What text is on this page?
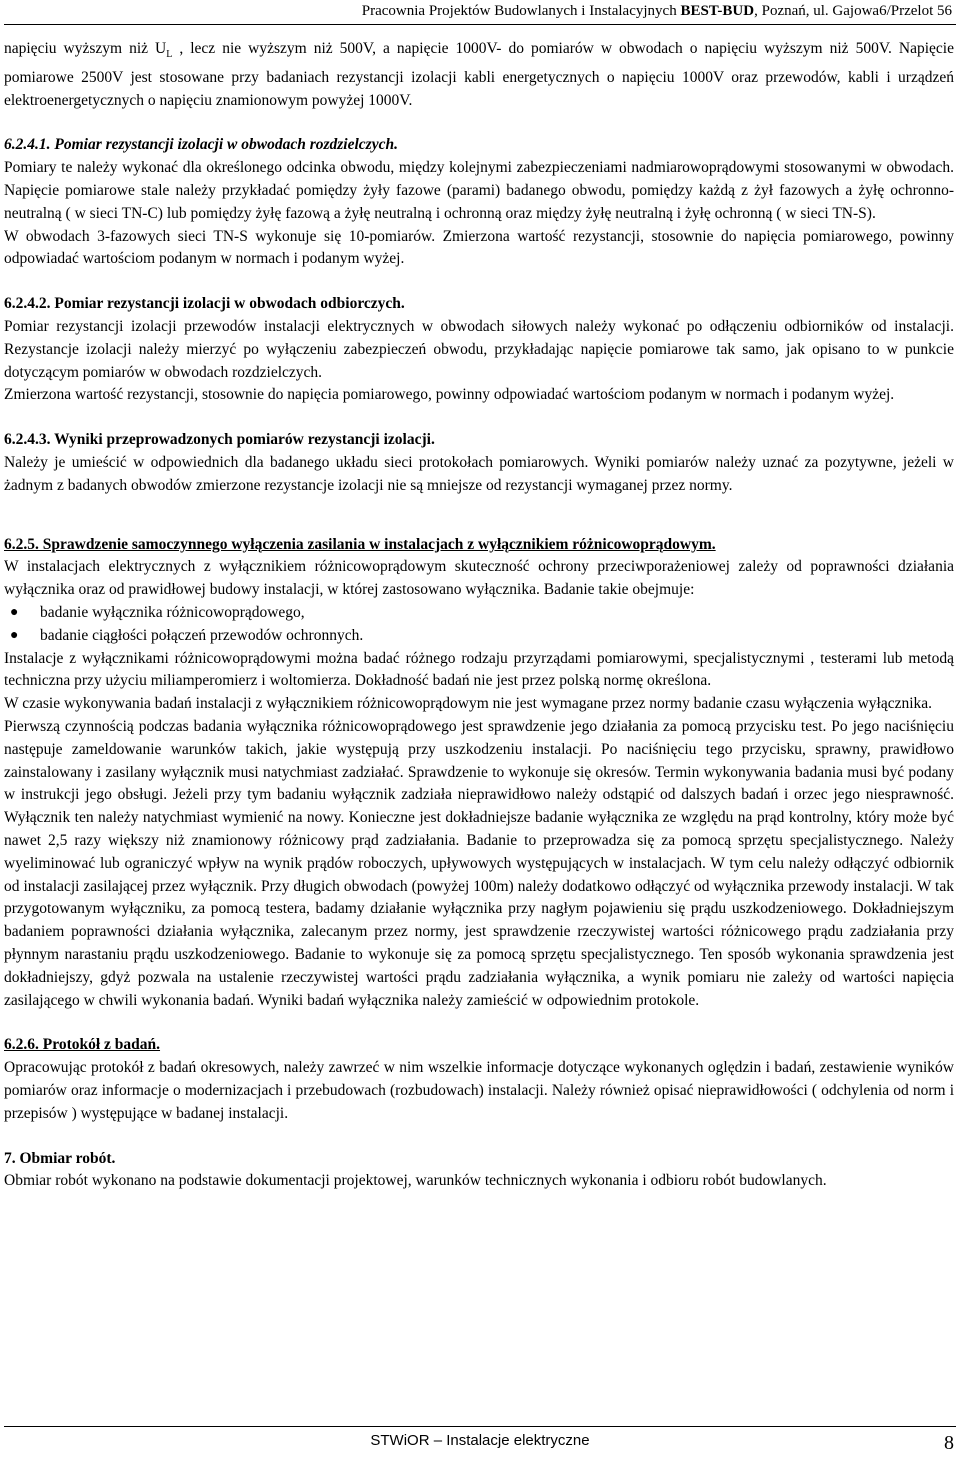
Pracownia Projektów Budowlanych i Instalacyjnych BEST-BUD, Poznań, ul. Gajowa6/Przelot 56

napięciu wyższym niż $U_L$ , lecz nie wyższym niż 500V, a napięcie 1000V- do pomiarów w obwodach o napięciu wyższym niż 500V. Napięcie pomiarowe 2500V jest stosowane przy badaniach rezystancji izolacji kabli energetycznych o napięciu 1000V oraz przewodów, kabli i urządzeń elektroenergetycznych o napięciu znamionowym powyżej 1000V.

6.2.4.1. Pomiar rezystancji izolacji w obwodach rozdzielczych.

Pomiary te należy wykonać dla określonego odcinka obwodu, między kolejnymi zabezpieczeniami nadmiarowoprądowymi stosowanymi w obwodach. Napięcie pomiarowe stale należy przykładać pomiędzy żyły fazowe (parami) badanego obwodu, pomiędzy każdą z żył fazowych a żyłę ochronno-neutralną ( w sieci TN-C) lub pomiędzy żyłę fazową a żyłę neutralną i ochronną oraz między żyłę neutralną i żyłę ochronną ( w sieci TN-S).

W obwodach 3-fazowych sieci TN-S wykonuje się 10-pomiarów. Zmierzona wartość rezystancji, stosownie do napięcia pomiarowego, powinny odpowiadać wartościom podanym w normach i podanym wyżej.

6.2.4.2. Pomiar rezystancji izolacji w obwodach odbiorczych.

Pomiar rezystancji izolacji przewodów instalacji elektrycznych w obwodach siłowych należy wykonać po odłączeniu odbiorników od instalacji. Rezystancje izolacji należy mierzyć po wyłączeniu zabezpieczeń obwodu, przykładając napięcie pomiarowe tak samo, jak opisano to w punkcie dotyczącym pomiarów w obwodach rozdzielczych.

Zmierzona wartość rezystancji, stosownie do napięcia pomiarowego, powinny odpowiadać wartościom podanym w normach i podanym wyżej.

6.2.4.3. Wyniki przeprowadzonych pomiarów rezystancji izolacji.

Należy je umieścić w odpowiednich dla badanego układu sieci protokołach pomiarowych. Wyniki pomiarów należy uznać za pozytywne, jeżeli w żadnym z badanych obwodów zmierzone rezystancje izolacji nie są mniejsze od rezystancji wymaganej przez normy.

6.2.5. Sprawdzenie samoczynnego wyłączenia zasilania w instalacjach z wyłącznikiem różnicowoprądowym.

W instalacjach elektrycznych z wyłącznikiem różnicowoprądowym skuteczność ochrony przeciwporażeniowej zależy od poprawności działania wyłącznika oraz od prawidłowej budowy instalacji, w której zastosowano wyłącznika. Badanie takie obejmuje:

● badanie wyłącznika różnicowoprądowego,
● badanie ciągłości połączeń przewodów ochronnych.

Instalacje z wyłącznikami różnicowoprądowymi można badać różnego rodzaju przyrządami pomiarowymi, specjalistycznymi , testerami lub metodą techniczna przy użyciu miliamperomierz i woltomierza. Dokładność badań nie jest przez polską normę określona.

W czasie wykonywania badań instalacji z wyłącznikiem różnicowoprądowym nie jest wymagane przez normy badanie czasu wyłączenia wyłącznika.

Pierwszą czynnością podczas badania wyłącznika różnicowoprądowego jest sprawdzenie jego działania za pomocą przycisku test. Po jego naciśnięciu następuje zameldowanie warunków takich, jakie występują przy uszkodzeniu instalacji. Po naciśnięciu tego przycisku, sprawny, prawidłowo zainstalowany i zasilany wyłącznik musi natychmiast zadziałać. Sprawdzenie to wykonuje się okresów. Termin wykonywania badania musi być podany w instrukcji jego obsługi. Jeżeli przy tym badaniu wyłącznik zadziała nieprawidłowo należy odstąpić od dalszych badań i orzec jego niesprawność. Wyłącznik ten należy natychmiast wymienić na nowy. Konieczne jest dokładniejsze badanie wyłącznika ze względu na prąd kontrolny, który może być nawet 2,5 razy większy niż znamionowy różnicowy prąd zadziałania. Badanie to przeprowadza się za pomocą sprzętu specjalistycznego. Należy wyeliminować lub ograniczyć wpływ na wynik prądów roboczych, upływowych występujących w instalacjach. W tym celu należy odłączyć odbiornik od instalacji zasilającej przez wyłącznik. Przy długich obwodach (powyżej 100m) należy dodatkowo odłączyć od wyłącznika przewody instalacji. W tak przygotowanym wyłączniku, za pomocą testera, badamy działanie wyłącznika przy nagłym pojawieniu się prądu uszkodzeniowego. Dokładniejszym badaniem poprawności działania wyłącznika, zalecanym przez normy, jest sprawdzenie rzeczywistej wartości różnicowego prądu zadziałania przy płynnym narastaniu prądu uszkodzeniowego. Badanie to wykonuje się za pomocą sprzętu specjalistycznego. Ten sposób wykonania sprawdzenia jest dokładniejszy, gdyż pozwala na ustalenie rzeczywistej wartości prądu zadziałania wyłącznika, a wynik pomiaru nie zależy od wartości napięcia zasilającego w chwili wykonania badań. Wyniki badań wyłącznika należy zamieścić w odpowiednim protokole.

6.2.6. Protokół z badań.

Opracowując protokół z badań okresowych, należy zawrzeć w nim wszelkie informacje dotyczące wykonanych oględzin i badań, zestawienie wyników pomiarów oraz informacje o modernizacjach i przebudowach (rozbudowach) instalacji. Należy również opisać nieprawidłowości ( odchylenia od norm i przepisów ) występujące w badanej instalacji.

7. Obmiar robót.

Obmiar robót wykonano na podstawie dokumentacji projektowej, warunków technicznych wykonania i odbioru robót budowlanych.

STWiOR – Instalacje elektryczne	8
